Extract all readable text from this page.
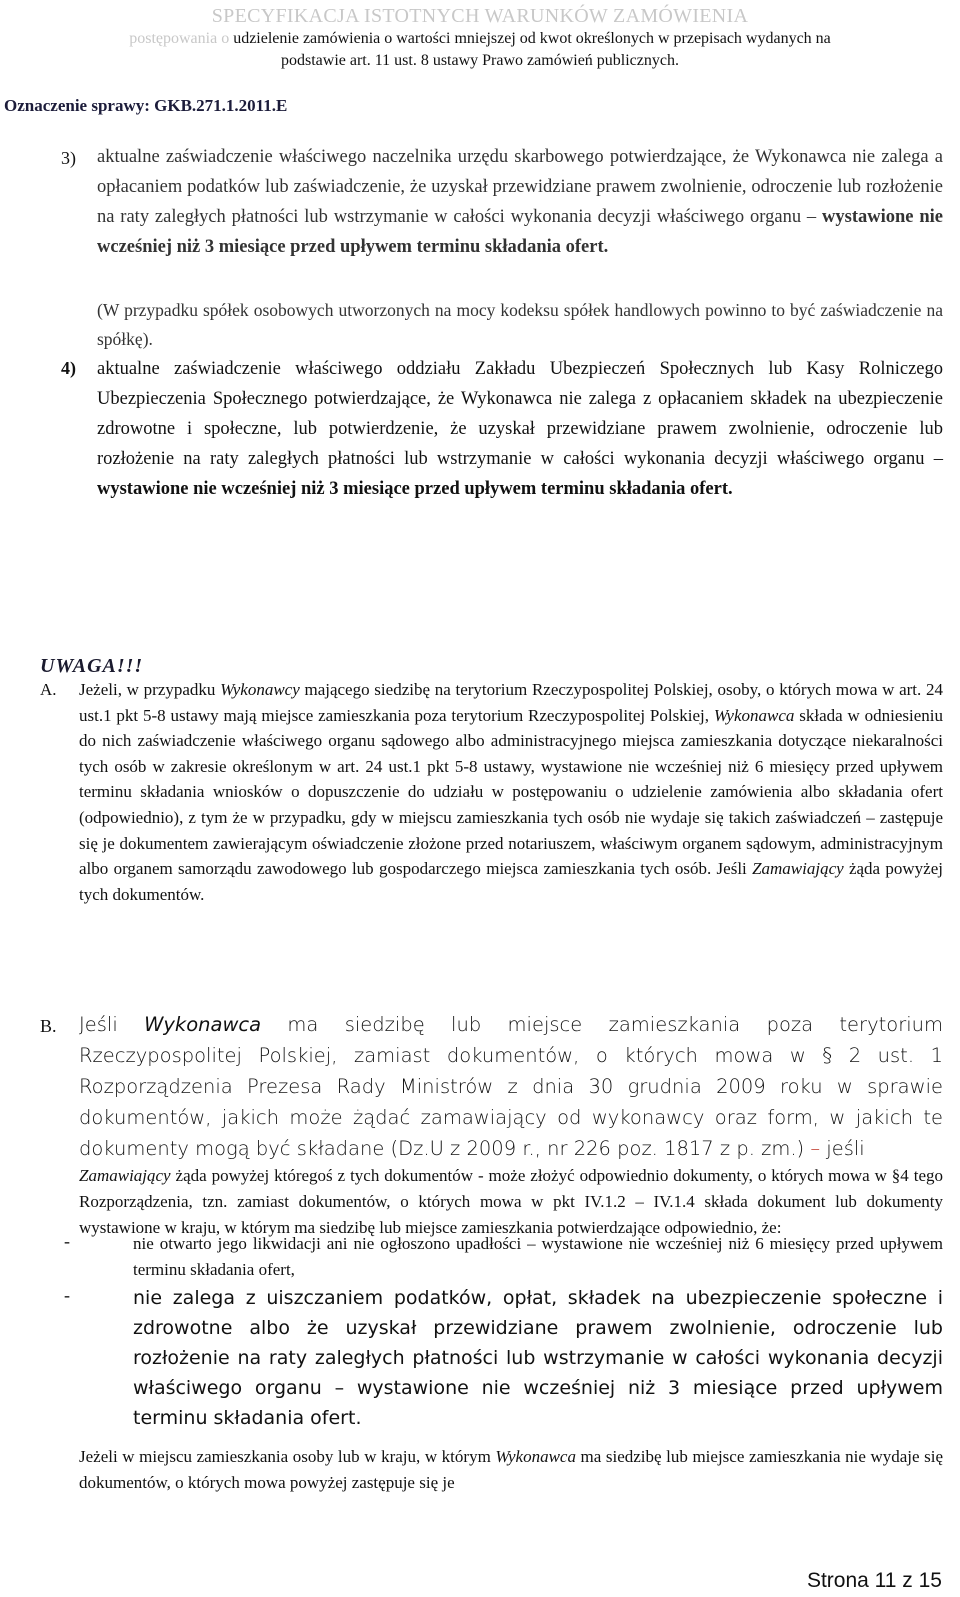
SPECYFIKACJA ISTOTNYCH WARUNKÓW ZAMÓWIENIA
postępowania o udzielenie zamówienia o wartości mniejszej od kwot określonych w przepisach wydanych na
podstawie art. 11 ust. 8 ustawy Prawo zamówień publicznych.
Oznaczenie sprawy: GKB.271.1.2011.E
3) aktualne zaświadczenie właściwego naczelnika urzędu skarbowego potwierdzające, że Wykonawca nie zalega a opłacaniem podatków lub zaświadczenie, że uzyskał przewidziane prawem zwolnienie, odroczenie lub rozłożenie na raty zaległych płatności lub wstrzymanie w całości wykonania decyzji właściwego organu – wystawione nie wcześniej niż 3 miesiące przed upływem terminu składania ofert.
(W przypadku spółek osobowych utworzonych na mocy kodeksu spółek handlowych powinno to być zaświadczenie na spółkę).
4) aktualne zaświadczenie właściwego oddziału Zakładu Ubezpieczeń Społecznych lub Kasy Rolniczego Ubezpieczenia Społecznego potwierdzające, że Wykonawca nie zalega z opłacaniem składek na ubezpieczenie zdrowotne i społeczne, lub potwierdzenie, że uzyskał przewidziane prawem zwolnienie, odroczenie lub rozłożenie na raty zaległych płatności lub wstrzymanie w całości wykonania decyzji właściwego organu – wystawione nie wcześniej niż 3 miesiące przed upływem terminu składania ofert.
UWAGA!!!
A. Jeżeli, w przypadku Wykonawcy mającego siedzibę na terytorium Rzeczypospolitej Polskiej, osoby, o których mowa w art. 24 ust.1 pkt 5-8 ustawy mają miejsce zamieszkania poza terytorium Rzeczypospolitej Polskiej, Wykonawca składa w odniesieniu do nich zaświadczenie właściwego organu sądowego albo administracyjnego miejsca zamieszkania dotyczące niekaralności tych osób w zakresie określonym w art. 24 ust.1 pkt 5-8 ustawy, wystawione nie wcześniej niż 6 miesięcy przed upływem terminu składania wniosków o dopuszczenie do udziału w postępowaniu o udzielenie zamówienia albo składania ofert (odpowiednio), z tym że w przypadku, gdy w miejscu zamieszkania tych osób nie wydaje się takich zaświadczeń – zastępuje się je dokumentem zawierającym oświadczenie złożone przed notariuszem, właściwym organem sądowym, administracyjnym albo organem samorządu zawodowego lub gospodarczego miejsca zamieszkania tych osób. Jeśli Zamawiający żąda powyżej tych dokumentów.
B. Jeśli Wykonawca ma siedzibę lub miejsce zamieszkania poza terytorium Rzeczypospolitej Polskiej, zamiast dokumentów, o których mowa w § 2 ust. 1 Rozporządzenia Prezesa Rady Ministrów z dnia 30 grudnia 2009 roku w sprawie dokumentów, jakich może żądać zamawiający od wykonawcy oraz form, w jakich te dokumenty mogą być składane (Dz.U z 2009 r., nr 226 poz. 1817 z p. zm.) – jeśli
Zamawiający żąda powyżej któregoś z tych dokumentów - może złożyć odpowiednio dokumenty, o których mowa w §4 tego Rozporządzenia, tzn. zamiast dokumentów, o których mowa w pkt IV.1.2 – IV.1.4 składa dokument lub dokumenty wystawione w kraju, w którym ma siedzibę lub miejsce zamieszkania potwierdzające odpowiednio, że:
-	nie otwarto jego likwidacji ani nie ogłoszono upadłości – wystawione nie wcześniej niż 6 miesięcy przed upływem terminu składania ofert,
-	nie zalega z uiszczaniem podatków, opłat, składek na ubezpieczenie społeczne i zdrowotne albo że uzyskał przewidziane prawem zwolnienie, odroczenie lub rozłożenie na raty zaległych płatności lub wstrzymanie w całości wykonania decyzji właściwego organu – wystawione nie wcześniej niż 3 miesiące przed upływem terminu składania ofert.
Jeżeli w miejscu zamieszkania osoby lub w kraju, w którym Wykonawca ma siedzibę lub miejsce zamieszkania nie wydaje się dokumentów, o których mowa powyżej zastępuje się je
Strona 11 z 15
